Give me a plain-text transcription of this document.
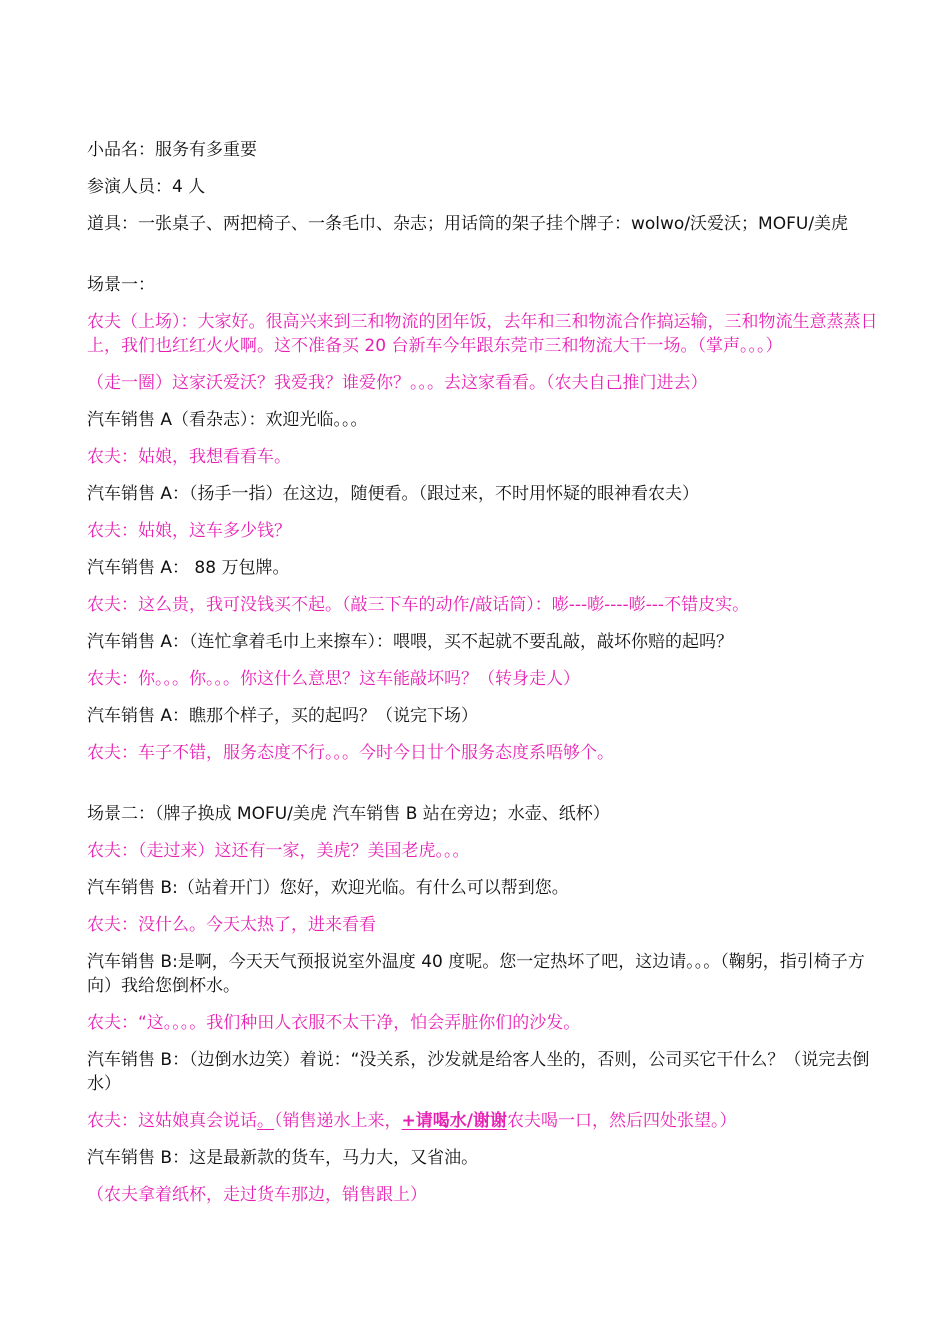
小品名：服务有多重要

参演人员：4 人

道具：一张桌子、两把椅子、一条毛巾、杂志；用话筒的架子挂个牌子：wolwo/沃爱沃；MOFU/美虎

场景一：

农夫（上场）：大家好。很高兴来到三和物流的团年饭，去年和三和物流合作搞运输，三和物流生意蒸蒸日上，我们也红红火火啊。这不准备买 20 台新车今年跟东莞市三和物流大干一场。（掌声。。。）

（走一圈）这家沃爱沃？我爱我？谁爱你？。。。去这家看看。（农夫自己推门进去）

汽车销售 A（看杂志）：欢迎光临。。。

农夫：姑娘，我想看看车。

汽车销售 A：（扬手一指）在这边，随便看。（跟过来，不时用怀疑的眼神看农夫）

农夫：姑娘，这车多少钱？

汽车销售 A： 88 万包牌。

农夫：这么贵，我可没钱买不起。（敲三下车的动作/敲话筒）：嘭---嘭----嘭---不错皮实。

汽车销售 A：（连忙拿着毛巾上来擦车）：喂喂，买不起就不要乱敲，敲坏你赔的起吗？

农夫：你。。。你。。。你这什么意思？这车能敲坏吗？（转身走人）

汽车销售 A：瞧那个样子，买的起吗？（说完下场）

农夫：车子不错，服务态度不行。。。今时今日廿个服务态度系唔够个。

场景二：（牌子换成 MOFU/美虎 汽车销售 B 站在旁边；水壶、纸杯）

农夫：（走过来）这还有一家，美虎？美国老虎。。。

汽车销售 B:（站着开门）您好，欢迎光临。有什么可以帮到您。

农夫：没什么。今天太热了，进来看看

汽车销售 B:是啊，今天天气预报说室外温度 40 度呢。您一定热坏了吧，这边请。。。（鞠躬，指引椅子方向）我给您倒杯水。

农夫：“这。。。。我们种田人衣服不太干净，怕会弄脏你们的沙发。

汽车销售 B：（边倒水边笑）着说：“没关系，沙发就是给客人坐的，否则，公司买它干什么？（说完去倒水）

农夫：这姑娘真会说话。（销售递水上来，+请喝水/谢谢农夫喝一口，然后四处张望。）

汽车销售 B：这是最新款的货车，马力大，又省油。

（农夫拿着纸杯，走过货车那边，销售跟上）
